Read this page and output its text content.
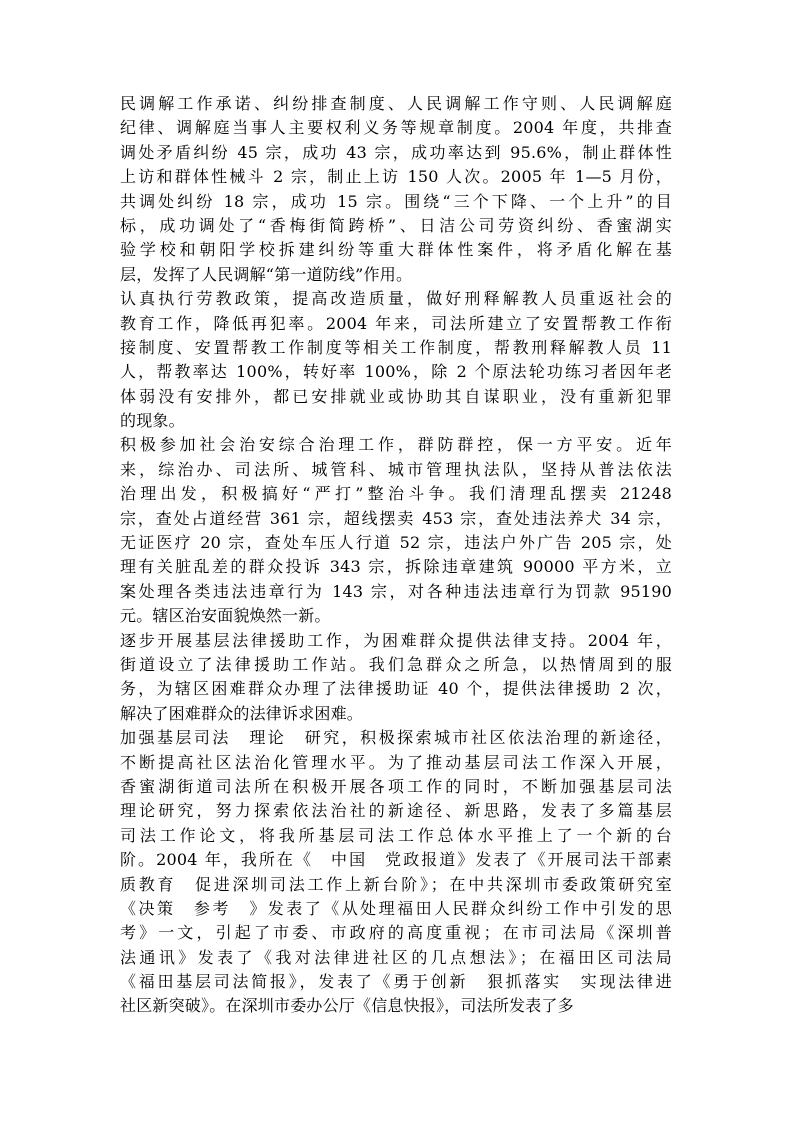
民调解工作承诺、纠纷排查制度、人民调解工作守则、人民调解庭
纪律、调解庭当事人主要权利义务等规章制度。2004 年度，共排查
调处矛盾纠纷 45 宗，成功 43 宗，成功率达到 95.6%，制止群体性
上访和群体性械斗 2 宗，制止上访 150 人次。2005 年 1—5 月份，
共调处纠纷 18 宗，成功 15 宗。围绕“三个下降、一个上升”的目
标，成功调处了“香梅街简跨桥”、日洁公司劳资纠纷、香蜜湖实
验学校和朝阳学校拆建纠纷等重大群体性案件，将矛盾化解在基
层，发挥了人民调解“第一道防线”作用。
认真执行劳教政策，提高改造质量，做好刑释解教人员重返社会的
教育工作，降低再犯率。2004 年来，司法所建立了安置帮教工作衔
接制度、安置帮教工作制度等相关工作制度，帮教刑释解教人员 11
人，帮教率达 100%，转好率 100%，除 2 个原法轮功练习者因年老
体弱没有安排外，都已安排就业或协助其自谋职业，没有重新犯罪
的现象。
积极参加社会治安综合治理工作，群防群控，保一方平安。近年
来，综治办、司法所、城管科、城市管理执法队，坚持从普法依法
治理出发，积极搞好“严打”整治斗争。我们清理乱摆卖 21248
宗，查处占道经营 361 宗，超线摆卖 453 宗，查处违法养犬 34 宗，
无证医疗 20 宗，查处车压人行道 52 宗，违法户外广告 205 宗，处
理有关脏乱差的群众投诉 343 宗，拆除违章建筑 90000 平方米，立
案处理各类违法违章行为 143 宗，对各种违法违章行为罚款 95190
元。辖区治安面貌焕然一新。
逐步开展基层法律援助工作，为困难群众提供法律支持。2004 年，
街道设立了法律援助工作站。我们急群众之所急，以热情周到的服
务，为辖区困难群众办理了法律援助证 40 个，提供法律援助 2 次，
解决了困难群众的法律诉求困难。
加强基层司法　理论　研究，积极探索城市社区依法治理的新途径，
不断提高社区法治化管理水平。为了推动基层司法工作深入开展，
香蜜湖街道司法所在积极开展各项工作的同时，不断加强基层司法
理论研究，努力探索依法治社的新途径、新思路，发表了多篇基层
司法工作论文，将我所基层司法工作总体水平推上了一个新的台
阶。2004 年，我所在《　中国　党政报道》发表了《开展司法干部素
质教育　促进深圳司法工作上新台阶》；在中共深圳市委政策研究室
《决策　参考　》发表了《从处理福田人民群众纠纷工作中引发的思
考》一文，引起了市委、市政府的高度重视；在市司法局《深圳普
法通讯》发表了《我对法律进社区的几点想法》；在福田区司法局
《福田基层司法简报》，发表了《勇于创新　狠抓落实　实现法律进
社区新突破》。在深圳市委办公厅《信息快报》，司法所发表了多
